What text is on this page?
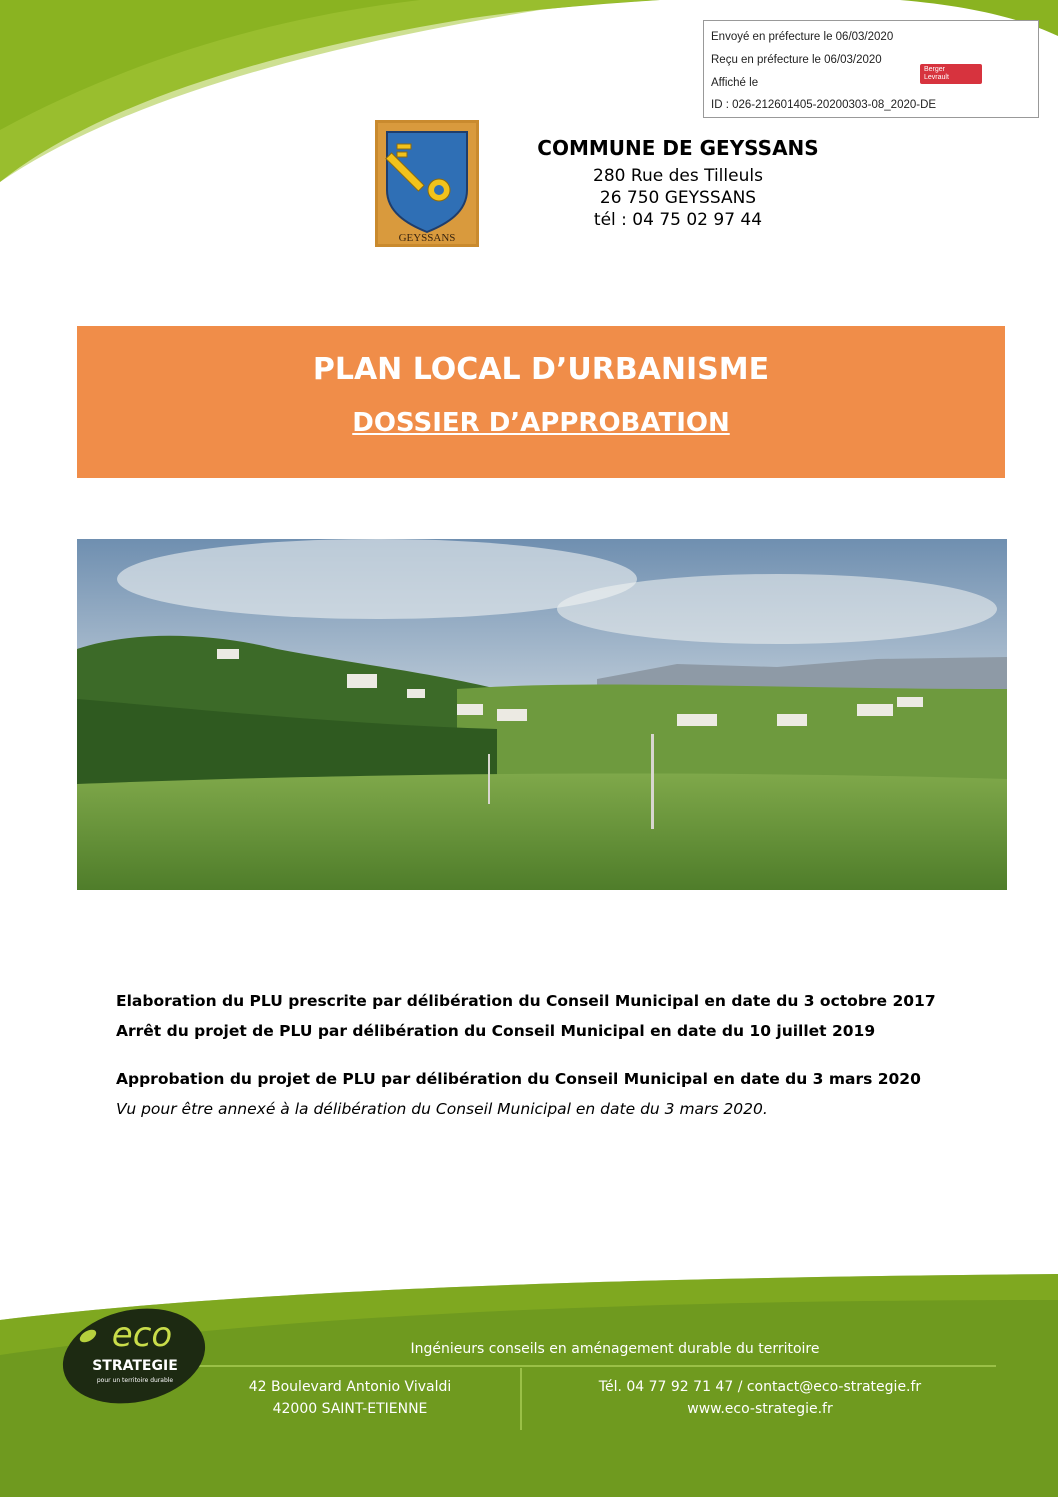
Envoyé en préfecture le 06/03/2020
Reçu en préfecture le 06/03/2020
Affiché le
ID : 026-212601405-20200303-08_2020-DE
Berger
Levrault
GEYSSANS
COMMUNE DE GEYSSANS
280 Rue des Tilleuls
26 750 GEYSSANS
tél : 04 75 02 97 44
PLAN LOCAL D’URBANISME
DOSSIER D’APPROBATION
Elaboration du PLU prescrite par délibération du Conseil Municipal en date du 3 octobre 2017
Arrêt du projet de PLU par délibération du Conseil Municipal en date du 10 juillet 2019
Approbation du projet de PLU par délibération du Conseil Municipal en date du 3 mars 2020
Vu pour être annexé à la délibération du Conseil Municipal en date du 3 mars 2020.
eco
STRATEGIE
pour un territoire durable
Ingénieurs conseils en aménagement durable du territoire
42 Boulevard Antonio Vivaldi
42000 SAINT-ETIENNE
Tél. 04 77 92 71 47 / contact@eco-strategie.fr
www.eco-strategie.fr
